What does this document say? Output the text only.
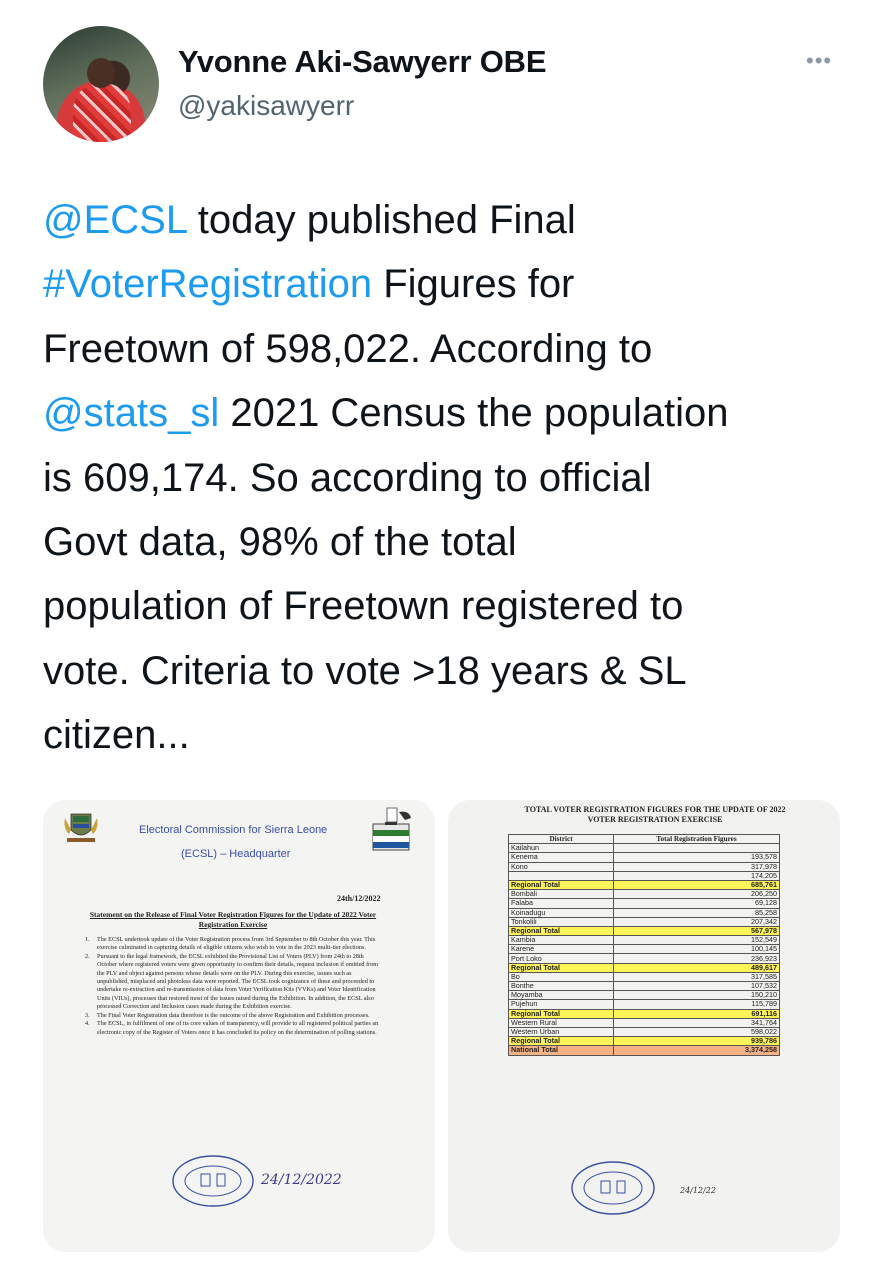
Yvonne Aki-Sawyerr OBE
@yakisawyerr
•••
@ECSL today published Final
#VoterRegistration Figures for
Freetown of 598,022. According to
@stats_sl 2021 Census the population
is 609,174. So according to official
Govt data, 98% of the total
population of Freetown registered to
vote. Criteria to vote >18 years & SL
citizen...
Electoral Commission for Sierra Leone
(ECSL) – Headquarter
24th/12/2022
Statement on the Release of Final Voter Registration Figures for the Update of 2022 Voter Registration Exercise
1. The ECSL undertook update of the Voter Registration process from 3rd September to 8th October this year. This exercise culminated in capturing details of eligible citizens who wish to vote in the 2023 multi-tier elections.
2. Pursuant to the legal framework, the ECSL exhibited the Provisional List of Voters (PLV) from 24th to 28th October where registered voters were given opportunity to confirm their details, request inclusion if omitted from the PLV and object against persons whose details were on the PLV. During this exercise, issues such as unpublished, misplaced and photoless data were reported. The ECSL took cognizance of these and proceeded to undertake re-extraction and re-transmission of data from Voter Verification Kits (VVKs) and Voter Identification Units (VIUs), processes that restored most of the issues raised during the Exhibition. In addition, the ECSL also processed Correction and Inclusion cases made during the Exhibition exercise.
3. The Final Voter Registration data therefore is the outcome of the above Registration and Exhibition processes.
4. The ECSL, in fulfilment of one of its core values of transparency, will provide to all registered political parties an electronic copy of the Register of Voters once it has concluded its policy on the determination of polling stations.
24/12/2022
TOTAL VOTER REGISTRATION FIGURES FOR THE UPDATE OF 2022 VOTER REGISTRATION EXERCISE
District	Total Registration Figures
Kailahun	
Kenema	193,578
Kono	317,978
	174,205
Regional Total	685,761
Bombali	206,250
Falaba	69,128
Koinadugu	85,258
Tonkolili	207,342
Regional Total	567,978
Kambia	152,549
Karene	100,145
Port Loko	236,923
Regional Total	489,617
Bo	317,585
Bonthe	107,532
Moyamba	150,210
Pujehun	115,789
Regional Total	691,116
Western Rural	341,764
Western Urban	598,022
Regional Total	939,786
National Total	3,374,258
24/12/22
